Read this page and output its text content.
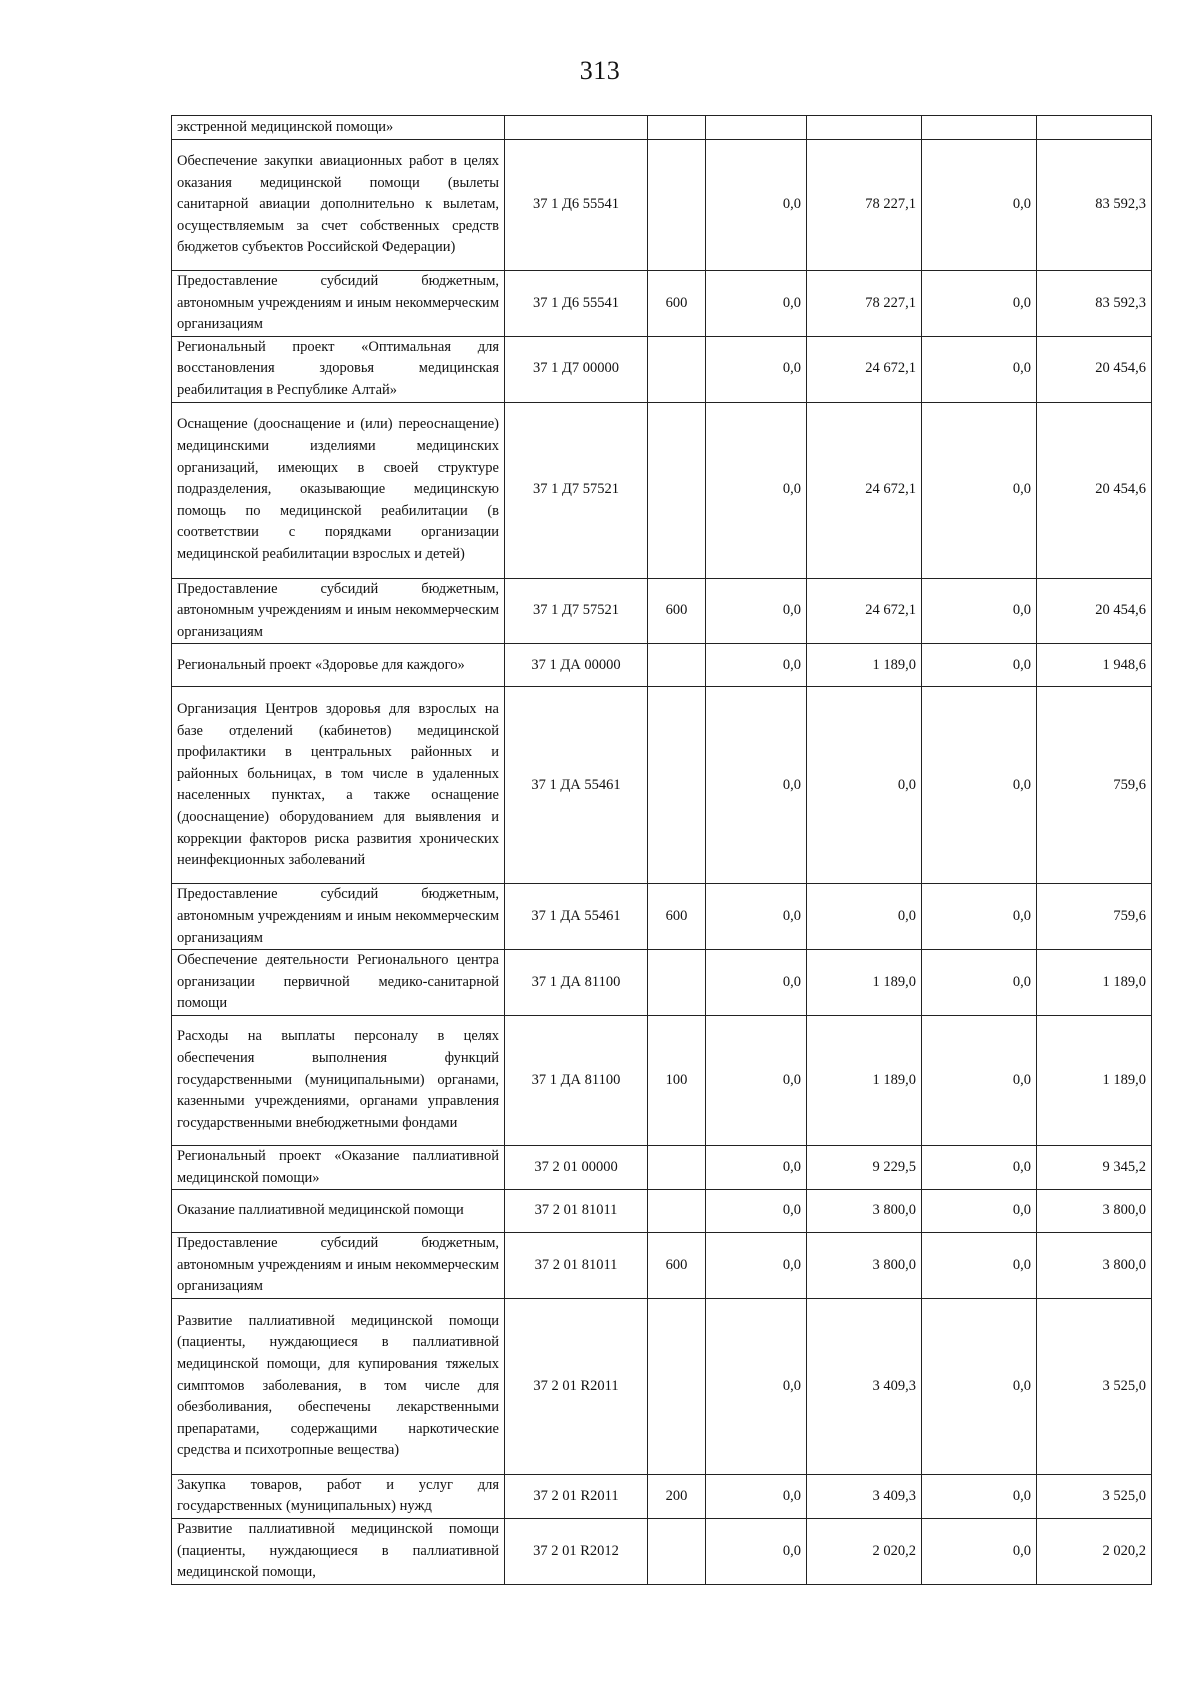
313
экстренной медицинской помощи»						
Обеспечение закупки авиационных работ в целях оказания медицинской помощи (вылеты санитарной авиации дополнительно к вылетам, осуществляемым за счет собственных средств бюджетов субъектов Российской Федерации)	37 1 Д6 55541		0,0	78 227,1	0,0	83 592,3
Предоставление субсидий бюджетным, автономным учреждениям и иным некоммерческим организациям	37 1 Д6 55541	600	0,0	78 227,1	0,0	83 592,3
Региональный проект «Оптимальная для восстановления здоровья медицинская реабилитация в Республике Алтай»	37 1 Д7 00000		0,0	24 672,1	0,0	20 454,6
Оснащение (дооснащение и (или) переоснащение) медицинскими изделиями медицинских организаций, имеющих в своей структуре подразделения, оказывающие медицинскую помощь по медицинской реабилитации (в соответствии с порядками организации медицинской реабилитации взрослых и детей)	37 1 Д7 57521		0,0	24 672,1	0,0	20 454,6
Предоставление субсидий бюджетным, автономным учреждениям и иным некоммерческим организациям	37 1 Д7 57521	600	0,0	24 672,1	0,0	20 454,6
Региональный проект «Здоровье для каждого»	37 1 ДА 00000		0,0	1 189,0	0,0	1 948,6
Организация Центров здоровья для взрослых на базе отделений (кабинетов) медицинской профилактики в центральных районных и районных больницах, в том числе в удаленных населенных пунктах, а также оснащение (дооснащение) оборудованием для выявления и коррекции факторов риска развития хронических неинфекционных заболеваний	37 1 ДА 55461		0,0	0,0	0,0	759,6
Предоставление субсидий бюджетным, автономным учреждениям и иным некоммерческим организациям	37 1 ДА 55461	600	0,0	0,0	0,0	759,6
Обеспечение деятельности Регионального центра организации первичной медико-санитарной помощи	37 1 ДА 81100		0,0	1 189,0	0,0	1 189,0
Расходы на выплаты персоналу в целях обеспечения выполнения функций государственными (муниципальными) органами, казенными учреждениями, органами управления государственными внебюджетными фондами	37 1 ДА 81100	100	0,0	1 189,0	0,0	1 189,0
Региональный проект «Оказание паллиативной медицинской помощи»	37 2 01 00000		0,0	9 229,5	0,0	9 345,2
Оказание паллиативной медицинской помощи	37 2 01 81011		0,0	3 800,0	0,0	3 800,0
Предоставление субсидий бюджетным, автономным учреждениям и иным некоммерческим организациям	37 2 01 81011	600	0,0	3 800,0	0,0	3 800,0
Развитие паллиативной медицинской помощи (пациенты, нуждающиеся в паллиативной медицинской помощи, для купирования тяжелых симптомов заболевания, в том числе для обезболивания, обеспечены лекарственными препаратами, содержащими наркотические средства и психотропные вещества)	37 2 01 R2011		0,0	3 409,3	0,0	3 525,0
Закупка товаров, работ и услуг для государственных (муниципальных) нужд	37 2 01 R2011	200	0,0	3 409,3	0,0	3 525,0
Развитие паллиативной медицинской помощи (пациенты, нуждающиеся в паллиативной медицинской помощи,	37 2 01 R2012		0,0	2 020,2	0,0	2 020,2
